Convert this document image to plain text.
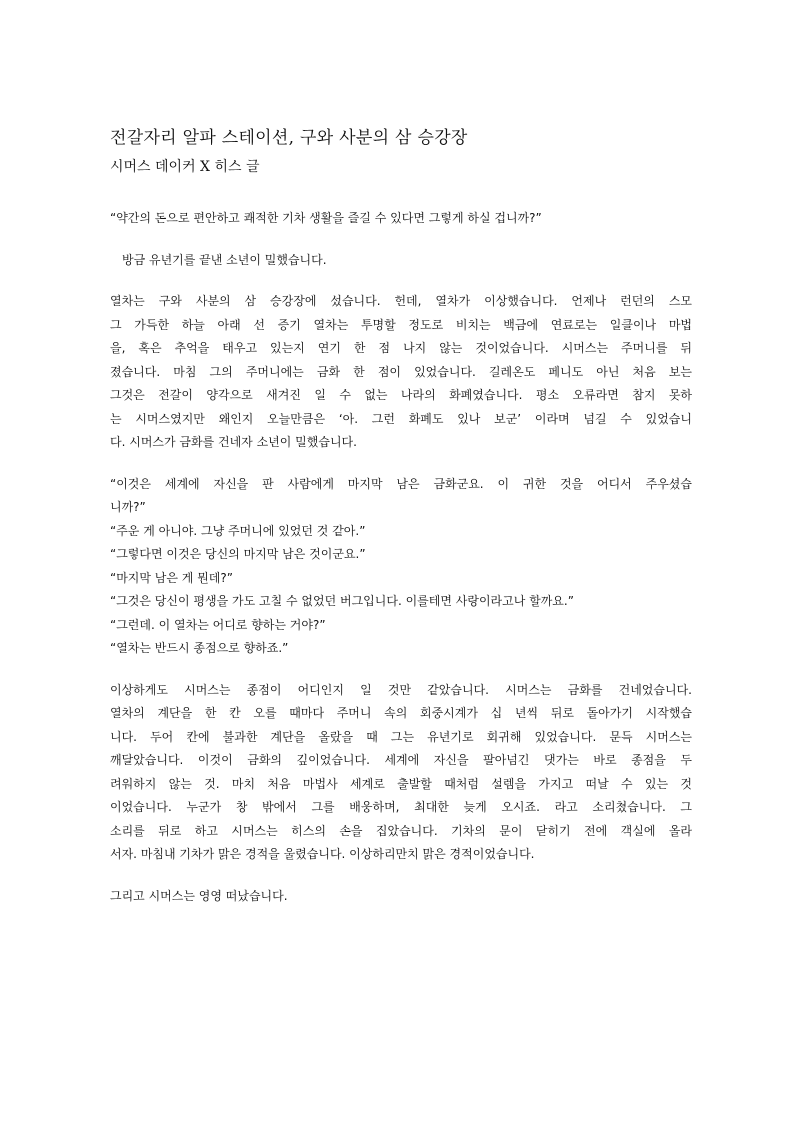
전갈자리 알파 스테이션, 구와 사분의 삼 승강장
시머스 데이커 X 히스 글

“약간의 돈으로 편안하고 쾌적한 기차 생활을 즐길 수 있다면 그렇게 하실 겁니까?”

방금 유년기를 끝낸 소년이 밀했습니다.

열차는 구와 사분의 삼 승강장에 섰습니다. 헌데, 열차가 이상했습니다. 언제나 런던의 스모

그 가득한 하늘 아래 선 증기 열차는 투명할 정도로 비치는 백금에 연료로는 일클이나 마법

을, 혹은 추억을 태우고 있는지 연기 한 점 나지 않는 것이었습니다. 시머스는 주머니를 뒤

졌습니다. 마침 그의 주머니에는 금화 한 점이 있었습니다. 길레온도 페니도 아닌 처음 보는

그것은 전갈이 양각으로 새겨진 일 수 없는 나라의 화폐였습니다. 평소 오류라면 참지 못하

는 시머스였지만 왜인지 오늘만큼은 ‘아. 그런 화폐도 있나 보군’ 이라며 넘길 수 있었습니

다. 시머스가 금화를 건네자 소년이 밀했습니다.

“이것은 세계에 자신을 판 사람에게 마지막 남은 금화군요. 이 귀한 것을 어디서 주우셨습

니까?”

“주운 게 아니야. 그냥 주머니에 있었던 것 같아.”

“그렇다면 이것은 당신의 마지막 남은 것이군요.”

“마지막 남은 게 뭔데?”

“그것은 당신이 평생을 가도 고칠 수 없었던 버그입니다. 이를테면 사랑이라고나 할까요.”

“그런데. 이 열차는 어디로 향하는 거야?”

“열차는 반드시 종점으로 향하죠.”

이상하게도 시머스는 종점이 어디인지 일 것만 같았습니다. 시머스는 금화를 건네었습니다.

열차의 계단을 한 칸 오를 때마다 주머니 속의 회중시계가 십 년씩 뒤로 돌아가기 시작했습

니다. 두어 칸에 불과한 계단을 올랐을 때 그는 유년기로 회귀해 있었습니다. 문득 시머스는

깨달았습니다. 이것이 금화의 깊이었습니다. 세계에 자신을 팔아넘긴 댓가는 바로 종점을 두

려워하지 않는 것. 마치 처음 마법사 세계로 출발할 때처럼 설렘을 가지고 떠날 수 있는 것

이었습니다. 누군가 창 밖에서 그를 배웅하며, 최대한 늦게 오시죠. 라고 소리쳤습니다. 그

소리를 뒤로 하고 시머스는 히스의 손을 집았습니다. 기차의 문이 닫히기 전에 객실에 올라

서자. 마침내 기차가 맑은 경적을 울렸습니다. 이상하리만치 맑은 경적이었습니다.

그리고 시머스는 영영 떠났습니다.
